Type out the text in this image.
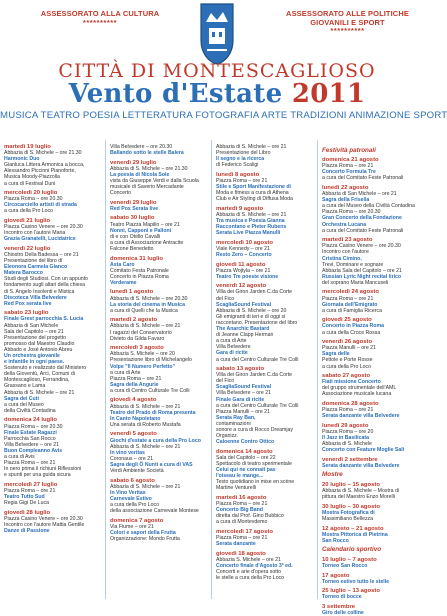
ASSESSORATO ALLA CULTURA
**********
ASSESSORATO ALLE POLITICHE
GIOVANILI E SPORT
**********
CITTÀ DI MONTESCAGLIOSO
Vento d'Estate 2011
MUSICA TEATRO POESIA LETTERATURA FOTOGRAFIA ARTE TRADIZIONI ANIMAZIONE SPORT
martedì 19 luglio
Abbazia di S. Michele – ore 21.30
Harmonic Duo
Gianluca Littera Armonica a bocca,
Alessandro Piccinni Pianoforte,
Musica Moody-Piazzolla
a cura di Festival Duni
mercoledì 20 luglio
Piazza Roma – ore 20.30
Circocarciello artisti di strada
a cura della Pro Loco
giovedì 21 luglio
Piazza Casino Venere – ore 20.30
Incontro con l'autore Maria
Grazia Granatelli, Lucidatrice
venerdì 22 luglio
Chiostro Della Badessa – ore 21
Presentazione del libro di
Eleonora Carmela Gianco
Matera Barocco
Studi degli Studiosi. Con un appunto
fondamento sugli altari della chiesa
di S. Angelo Insolenti e Mistica
Discoteca Villa Belvedere
Red Pox serata live
sabato 23 luglio
Finale Grest parrocchia S. Lucia
Abbazia di San Michele
Sala del Capitolo – ore 21
Presentazione del progetto
promosso dal Maestro Claudio
Abbado e José Antonio Abreu
Un orchestra giovanile
e infantile in ogni paese.
Sostenuto e realizzato dal Ministero
della Gioventù, Arci, Comuni di
Montescaglioso, Ferrandina,
Grassano e Lama
Abbazia di S. Michele – ore 21
Sagra dei Cuti
a cura del Museo
della Civiltà Contadina
domenica 24 luglio
Piazza Roma – ore 20.30
Finale Estate Ragazzi
Parrocchia San Rocco
Villa Belvedere – ore 21
Buon Compleanno Avis
a cura di Avis
Piazza Roma – ore 21
In nero prima il richiuni Riflessioni
e spunti per una guida sicura
mercoledì 27 luglio
Piazza Roma – ore 21
Teatro Tutto Sud
Regia Gigi De Luca
giovedì 28 luglio
Piazza Casino Venere – ore 20.30
Incontro con l'autore Mattia Gentile
Danze di Passione
Villa Belvedere – ore 20.30
Ballando sotto le stelle Balera
venerdì 29 luglio
Abbazia di S. Michele – ore 21.30
La poesia di Nicola Sole
vista da Giuseppe Verdi e dalla Scuola
musicale di Saverio Mercadante
Concerto
venerdì 29 luglio
Red Pox Serata live
sabato 30 luglio
Teatro Piazza Mapilio – ore 21
Nonni, Capponi e Palloni
di e con Otello Cavalli
a cura di Associazione Antracite
Falcone Benedetto
domenica 31 luglio
Asta Caro
Comitato Festa Patronale
Concerto in Piazza Roma
Verderame
lunedì 1 agosto
Abbazia di S. Michele – ore 20.30
La storia del cinema in Musica
a cura di Quelli che la Musica
martedì 2 agosto
Abbazia di S. Michele – ore 21
I ragazzi del Conservatorio
Divieto da Gilda Favaro
mercoledì 3 agosto
Abbazia S. Michele – ore 20
Presentazione libro di Michelangelo
Volpe "Il Numero Perfetto"
a cura di Arte
Piazza Roma – ore 21
Sagra della Angurie
a cura di Centro Culturale Tre Colli
giovedì 4 agosto
Abbazia di S. Michele – ore 21
Teatro del Prado di Roma presenta
In Canto Napoletano
Una serata di Roberto Mustafa
venerdì 5 agosto
Giochi d'estate a cura della Pro Loco
Abbazia di S. Michele – ore 21
In vino veritas
Coronaus – ore 21
Sagra degli Ö Nunti a cura di VAS
Verdi Ambiente Società
sabato 6 agosto
Abbazia di S. Michele – ore 21
In Vino Veritas
Carnevale Estivo
a cura della Pro Loco
della associazione Carnevale Montese
domenica 7 agosto
Via Fiume – ore 21
Colori e sapori della Frutta
Organizzazione: Mondo Frutta
Abbazia di S. Michele – ore 21
Presentazione del Libro
Il segno e la ricerca
di Federico Scaligi
lunedì 8 agosto
Piazza Roma – ore 21
Stile e Sport Manifestazione di
Moda e fitness a cura di Athena
Club e Air Styling di Diffusa Moda
martedì 9 agosto
Abbazia di S. Michele – ore 21
Tra musica e Poesia Gianna
Raccontano e Pieter Rubens
Serata Live Piazza Manulli
mercoledì 10 agosto
Viale Kennedy – ore 21
Resto Zero – Concerto
giovedì 11 agosto
Piazza Wojtyla – ore 21
Teatro Tre poeste visione
venerdì 12 agosto
Villa dei Giron Jarden C.da Corte
del Fico
ScagliaSound Festival
Abbazia di S. Michele – ore 20
Gli emigranti di ieri e di oggi si
raccontano. Presentazione del libro
The Anarchic Bastard
di Jeanne Clapp Herman
a cura di Arte
Villa Belvedere
Gara di ricite
a cura del Centro Culturale Tre Colli
sabato 13 agosto
Villa dei Giron Jarden C.da Corte
del Fico
ScagliaSound Festival
Villa Belvedere – ore 21
Finale Gara di ricite
a cura del Centro Culturale Tre Colli
Piazza Manulli – ore 21
Serata Ray Ban,
contaminazioni
sonore a cura di Rocco Dreamjay
Organizz.
Caloenne Contro Ottico
domenica 14 agosto
Sala del Capitolo – ore 22
Spettacolo di teatro sperimentale
Celui qui ne connait pas
l'oiseau le mange...
Testo quotidiano in mise en scène
Martine Venturelli
martedì 16 agosto
Piazza Roma – ore 21
Concerto Big Band
diretta dal Prof. Gino Bubbico
a cura di Montevdemo
mercoledì 17 agosto
Piazza Roma – ore 21
Serata danzante
giovedì 18 agosto
Abbazia S. Michele – ore 21
Concerto finale d'Agosto 3ª ed.
Concerti e arie d'opera sotto
le stelle a cura della Pro Loco
Festività patronali
domenica 21 agosto
Piazza Roma – ore 21
Concerto Formula Tre
a cura del Comitato Feste Patronali
lunedì 22 agosto
Abbazia di San Michele – ore 21
Sagra della Frisella
a cura del Museo della Civiltà Contadina
Piazza Roma – ore 20.30
Gran Concerto della Fondazione
Orchestra Lucana
a cura del Comitato Feste Patronali
martedì 23 agosto
Piazza Casino Venere – ore 20.30
Incontro con l'autore
Cristina Cimino,
Trevi, Dominare e sognare
Abbazia Sala del Capitolo – ore 21
Russian Lyric Night recital lirico
del soprano Maria Mancuseli
mercoledì 24 agosto
Piazza Roma – ore 21
Giornata dell'Emigrato
a cura di Famiglia Ricerca
giovedì 25 agosto
Concerto in Piazza Roma
a cura della Croce Rossa
venerdì 26 agosto
Piazza Manulli – ore 21
Sagra delle
Pettole e Porte Rosse
a cura della Pro Loco
sabato 27 agosto
Fiati missione Concerto
del gruppo strumentale dell'AML
Associazione musicale lucana
domenica 28 agosto
Piazza Roma – ore 21
Serata danzante villa Belvedere
lunedì 29 agosto
Piazza Roma – ore 20
Il Jazz in Basilicata
Abbazia di S. Michele
Concerto con Feature Moglie Sali
venerdì 2 settembre
Serata danzante villa Belvedere
Mostre
20 luglio – 15 agosto
Abbazia di S. Michele – Mostra di
pittura del Maestro Enzo Morelli
30 luglio – 30 agosto
Mostra Fotografica di
Massimiliano Bellezza
12 agosto – 21 agosto
Mostra Pittorica di Pietrina
San Rocco
Calendario sportivo
10 luglio – 7 agosto
Torneo San Rocco
17 agosto
Torneo estivo tutto le stelle
25 luglio – 13 agosto
Torneo di bocce
3 settembre
Giro delle colline
